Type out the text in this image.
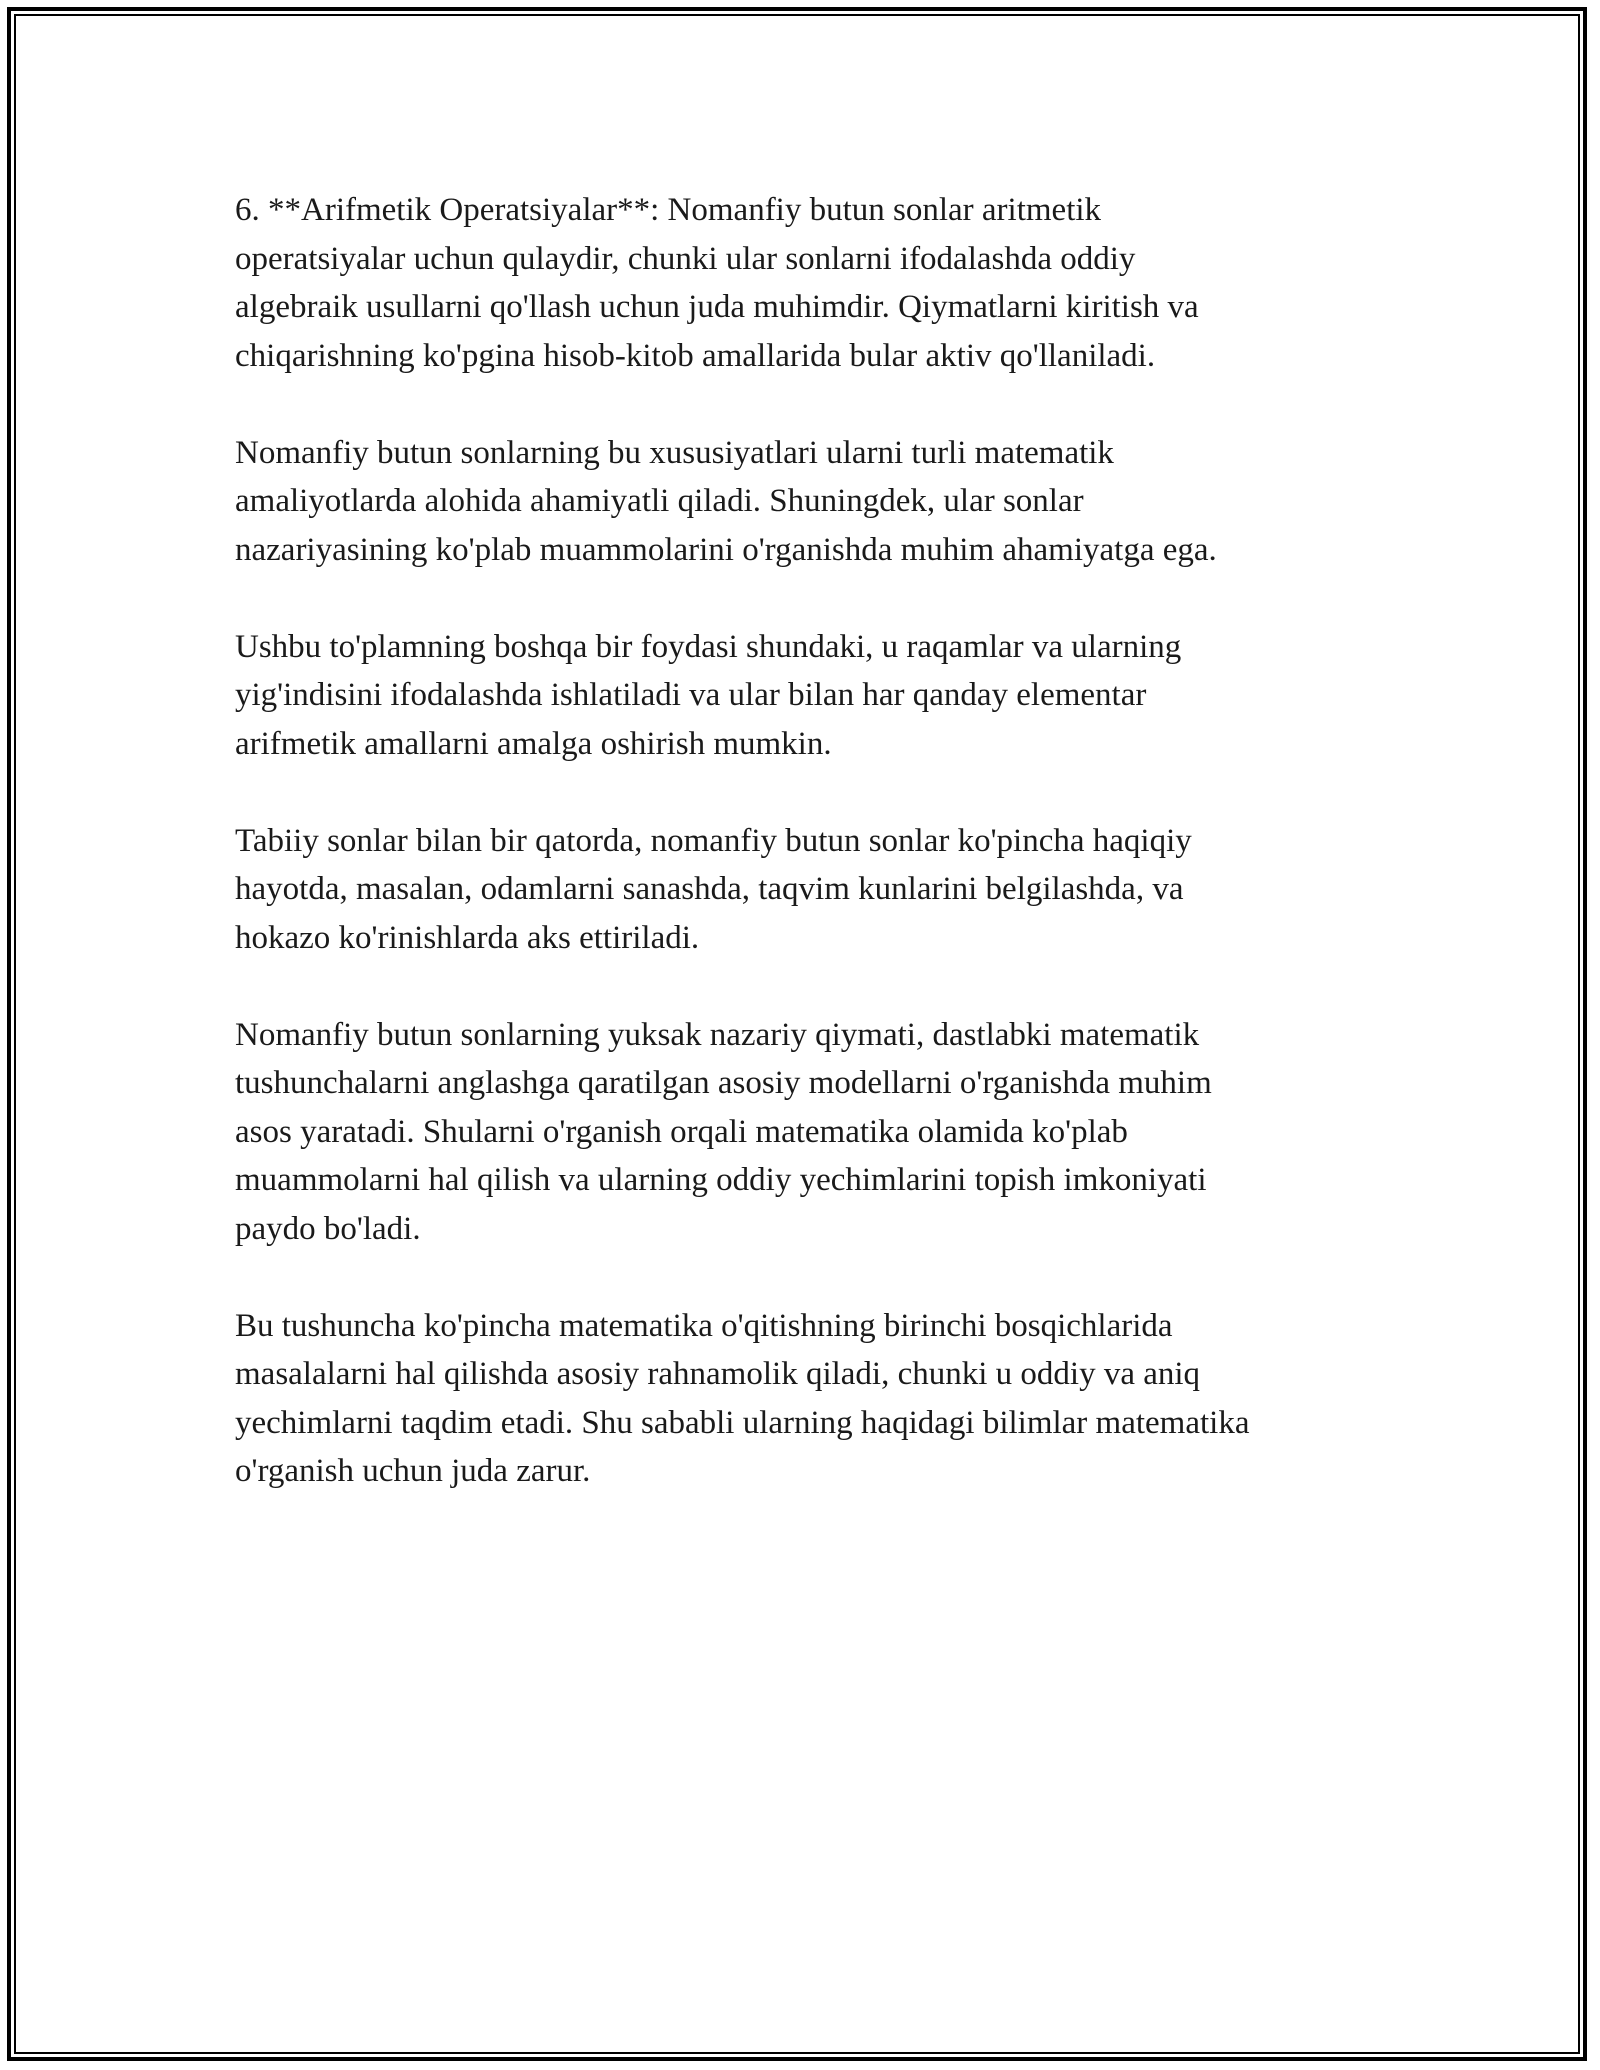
6. **Arifmetik Operatsiyalar**: Nomanfiy butun sonlar aritmetik
operatsiyalar uchun qulaydir, chunki ular sonlarni ifodalashda oddiy
algebraik usullarni qo'llash uchun juda muhimdir. Qiymatlarni kiritish va
chiqarishning ko'pgina hisob-kitob amallarida bular aktiv qo'llaniladi.

Nomanfiy butun sonlarning bu xususiyatlari ularni turli matematik
amaliyotlarda alohida ahamiyatli qiladi. Shuningdek, ular sonlar
nazariyasining ko'plab muammolarini o'rganishda muhim ahamiyatga ega.

Ushbu to'plamning boshqa bir foydasi shundaki, u raqamlar va ularning
yig'indisini ifodalashda ishlatiladi va ular bilan har qanday elementar
arifmetik amallarni amalga oshirish mumkin.

Tabiiy sonlar bilan bir qatorda, nomanfiy butun sonlar ko'pincha haqiqiy
hayotda, masalan, odamlarni sanashda, taqvim kunlarini belgilashda, va
hokazo ko'rinishlarda aks ettiriladi.

Nomanfiy butun sonlarning yuksak nazariy qiymati, dastlabki matematik
tushunchalarni anglashga qaratilgan asosiy modellarni o'rganishda muhim
asos yaratadi. Shularni o'rganish orqali matematika olamida ko'plab
muammolarni hal qilish va ularning oddiy yechimlarini topish imkoniyati
paydo bo'ladi.

Bu tushuncha ko'pincha matematika o'qitishning birinchi bosqichlarida
masalalarni hal qilishda asosiy rahnamolik qiladi, chunki u oddiy va aniq
yechimlarni taqdim etadi. Shu sababli ularning haqidagi bilimlar matematika
o'rganish uchun juda zarur.
